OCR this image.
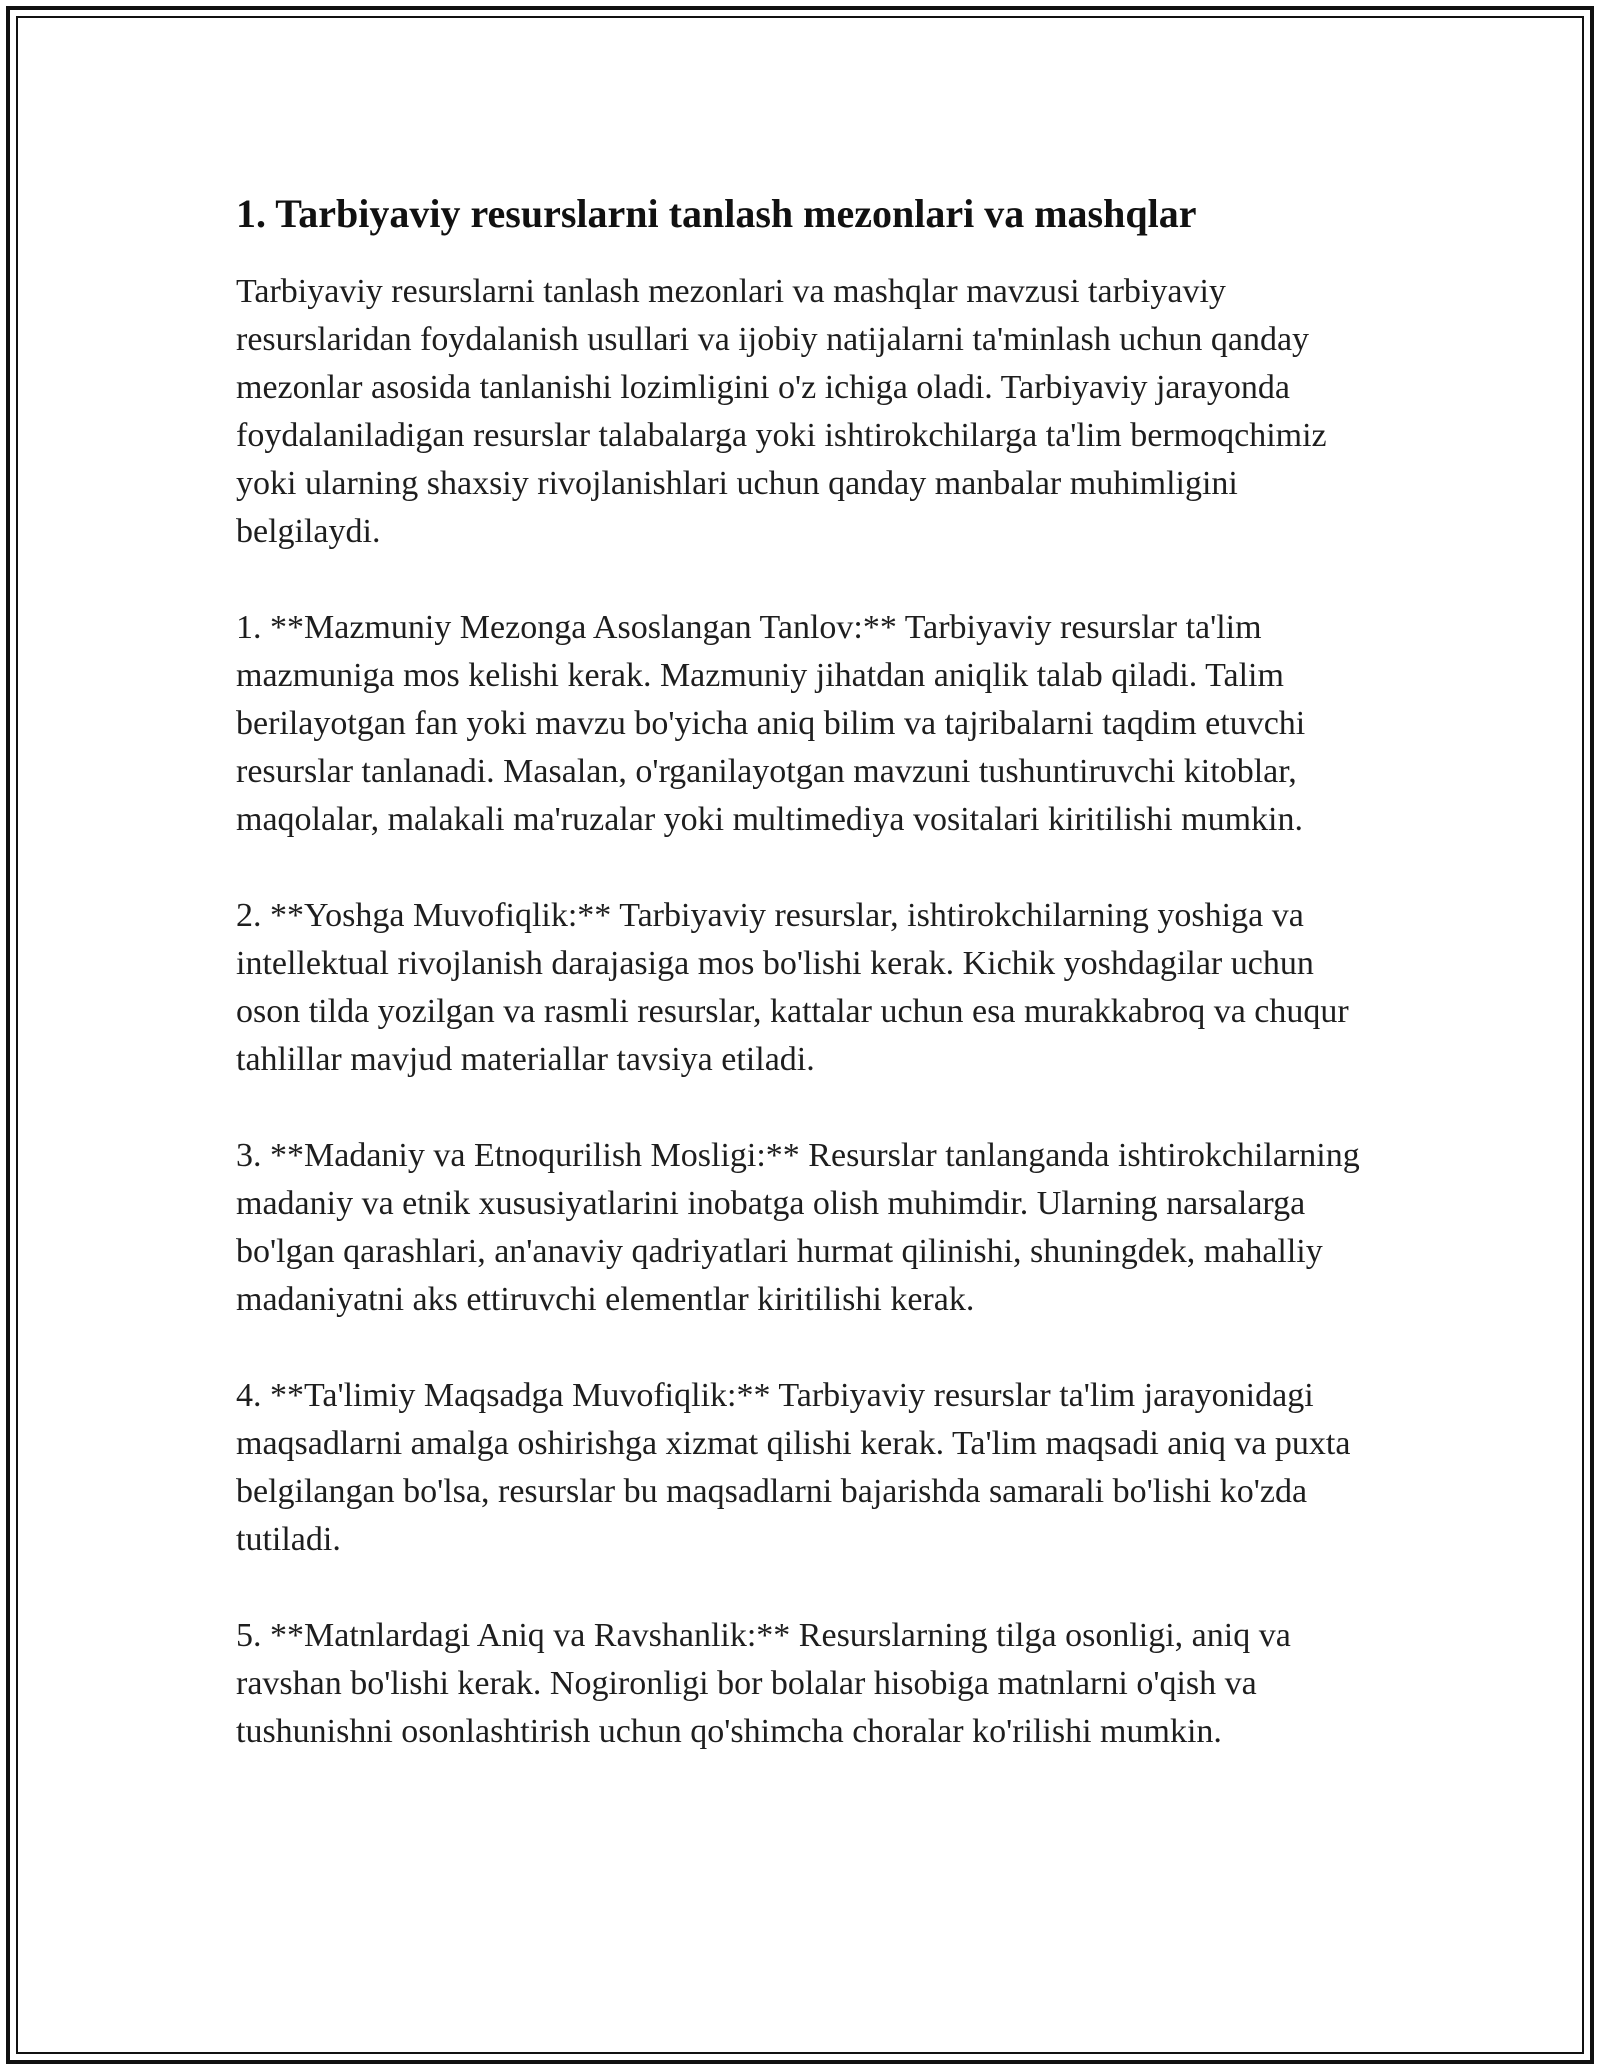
1. Tarbiyaviy resurslarni tanlash mezonlari va mashqlar

Tarbiyaviy resurslarni tanlash mezonlari va mashqlar mavzusi tarbiyaviy resurslaridan foydalanish usullari va ijobiy natijalarni ta'minlash uchun qanday mezonlar asosida tanlanishi lozimligini o'z ichiga oladi. Tarbiyaviy jarayonda foydalaniladigan resurslar talabalarga yoki ishtirokchilarga ta'lim bermoqchimiz yoki ularning shaxsiy rivojlanishlari uchun qanday manbalar muhimligini belgilaydi.

1. **Mazmuniy Mezonga Asoslangan Tanlov:** Tarbiyaviy resurslar ta'lim mazmuniga mos kelishi kerak. Mazmuniy jihatdan aniqlik talab qiladi. Talim berilayotgan fan yoki mavzu bo'yicha aniq bilim va tajribalarni taqdim etuvchi resurslar tanlanadi. Masalan, o'rganilayotgan mavzuni tushuntiruvchi kitoblar, maqolalar, malakali ma'ruzalar yoki multimediya vositalari kiritilishi mumkin.

2. **Yoshga Muvofiqlik:** Tarbiyaviy resurslar, ishtirokchilarning yoshiga va intellektual rivojlanish darajasiga mos bo'lishi kerak. Kichik yoshdagilar uchun oson tilda yozilgan va rasmli resurslar, kattalar uchun esa murakkabroq va chuqur tahlillar mavjud materiallar tavsiya etiladi.

3. **Madaniy va Etnoqurilish Mosligi:** Resurslar tanlanganda ishtirokchilarning madaniy va etnik xususiyatlarini inobatga olish muhimdir. Ularning narsalarga bo'lgan qarashlari, an'anaviy qadriyatlari hurmat qilinishi, shuningdek, mahalliy madaniyatni aks ettiruvchi elementlar kiritilishi kerak.

4. **Ta'limiy Maqsadga Muvofiqlik:** Tarbiyaviy resurslar ta'lim jarayonidagi maqsadlarni amalga oshirishga xizmat qilishi kerak. Ta'lim maqsadi aniq va puxta belgilangan bo'lsa, resurslar bu maqsadlarni bajarishda samarali bo'lishi ko'zda tutiladi.

5. **Matnlardagi Aniq va Ravshanlik:** Resurslarning tilga osonligi, aniq va ravshan bo'lishi kerak. Nogironligi bor bolalar hisobiga matnlarni o'qish va tushunishni osonlashtirish uchun qo'shimcha choralar ko'rilishi mumkin.
